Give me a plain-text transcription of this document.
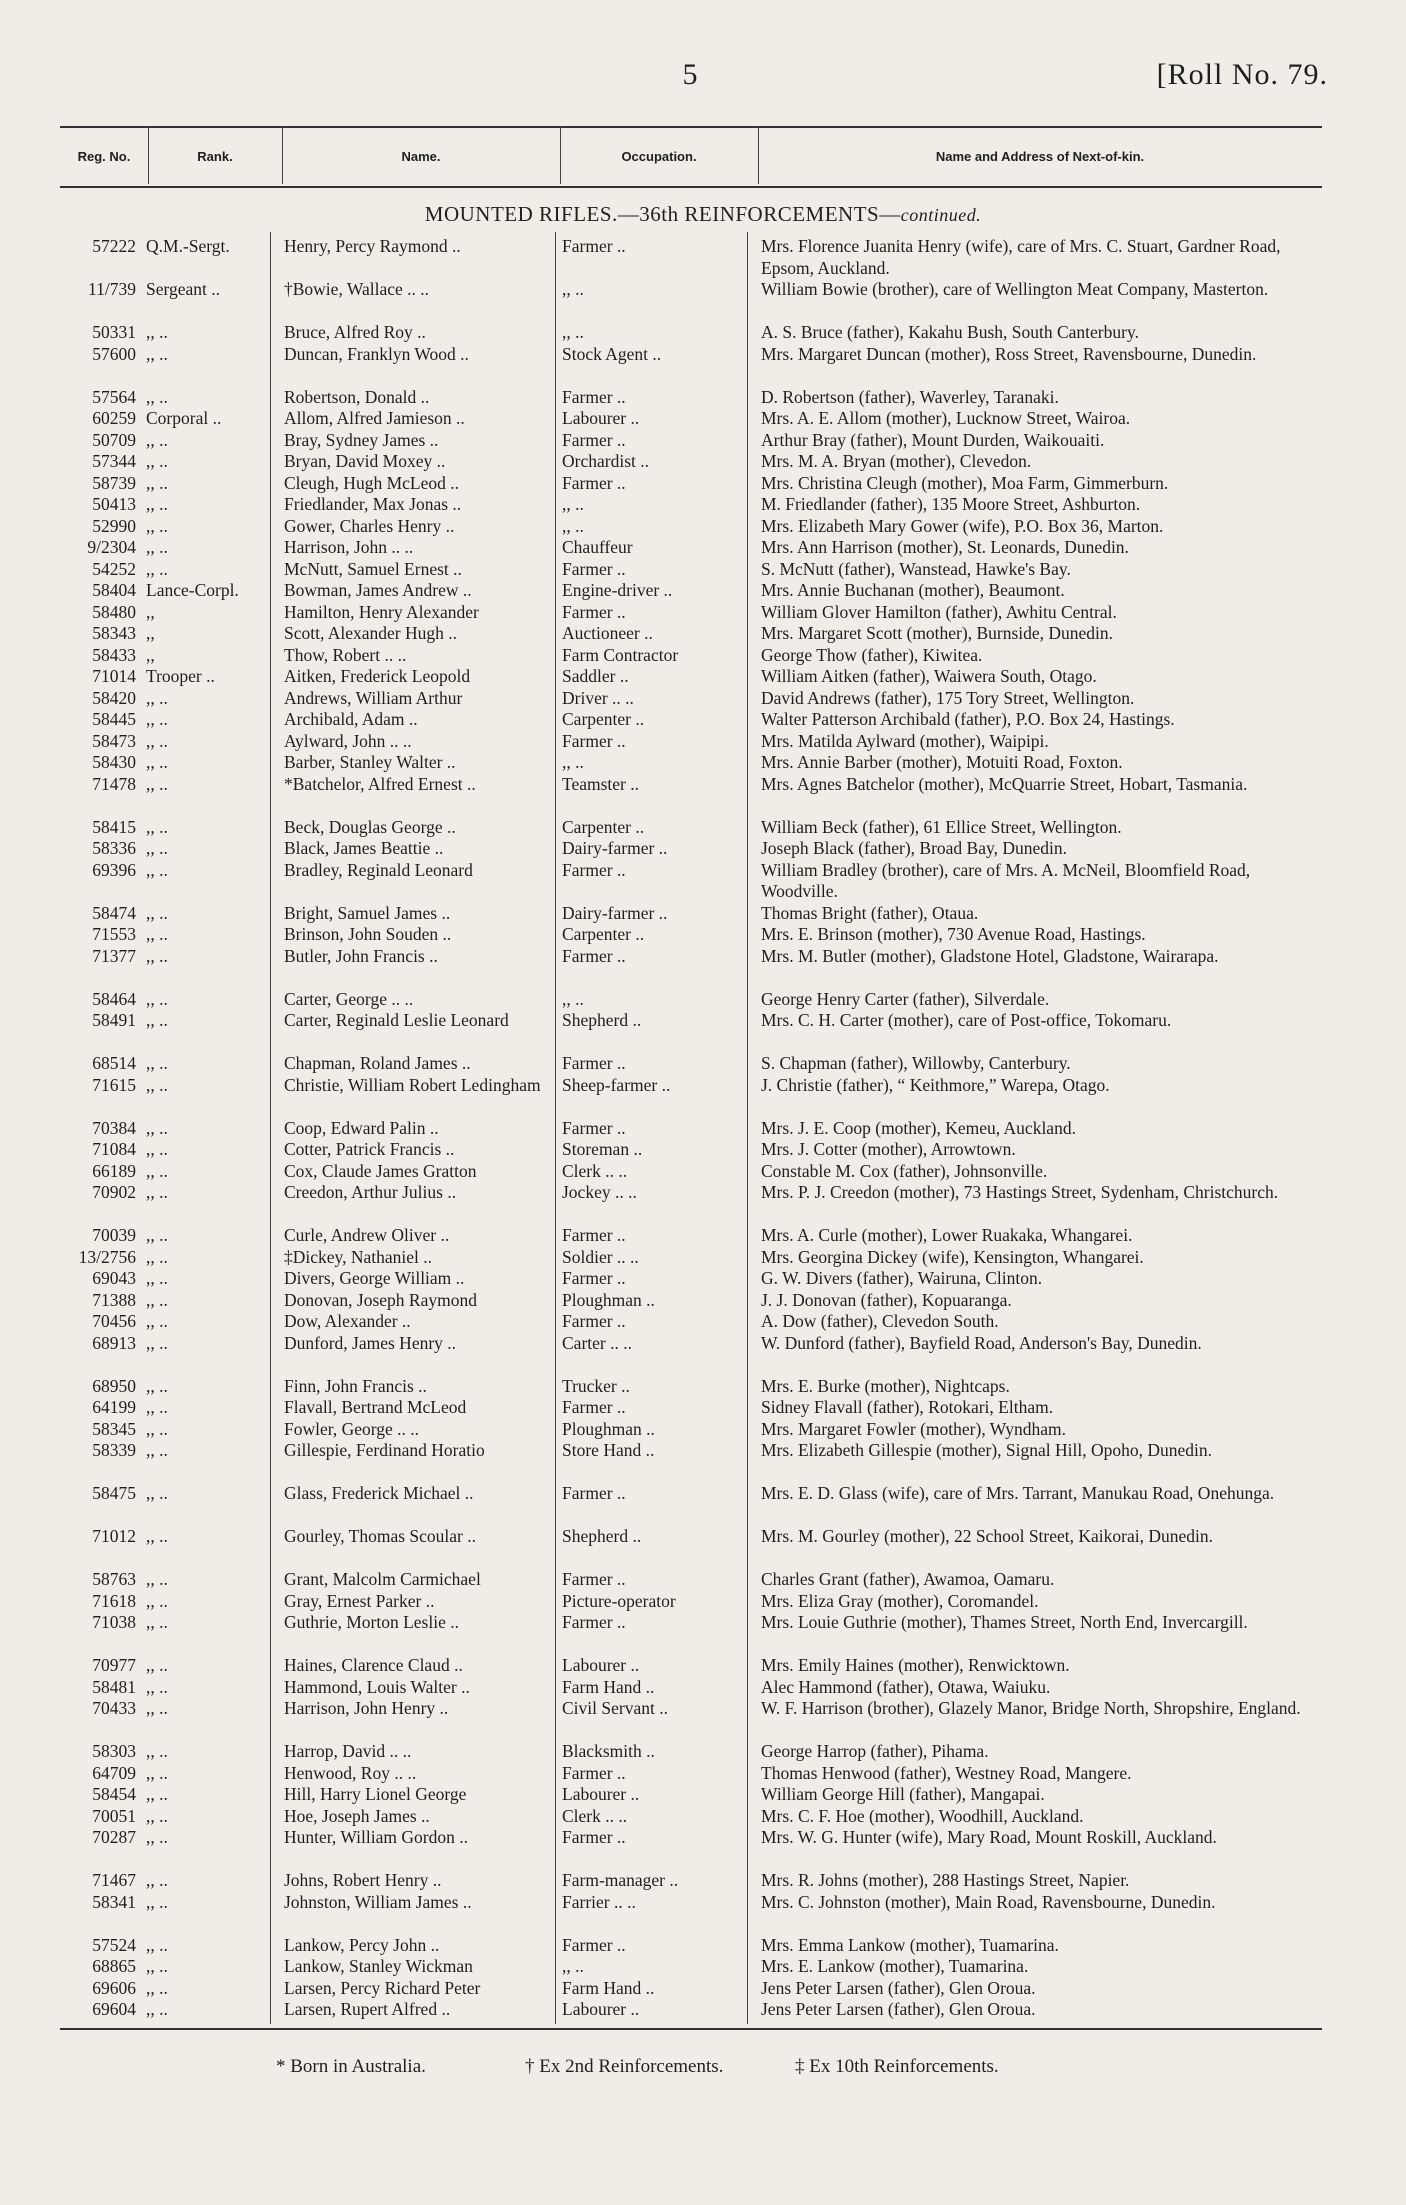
5	[Roll No. 79.
Reg. No.	Rank.	Name.	Occupation.	Name and Address of Next-of-kin.
MOUNTED RIFLES.—36th REINFORCEMENTS—continued.
57222 Q.M.-Sergt.	Henry, Percy Raymond ..	Farmer ..	Mrs. Florence Juanita Henry (wife), care of Mrs. C. Stuart, Gardner Road, Epsom, Auckland.
11/739 Sergeant ..	†Bowie, Wallace .. ..	,, ..	William Bowie (brother), care of Wellington Meat Company, Masterton.
50331 ,, ..	Bruce, Alfred Roy ..	,, ..	A. S. Bruce (father), Kakahu Bush, South Canterbury.
57600 ,, ..	Duncan, Franklyn Wood ..	Stock Agent ..	Mrs. Margaret Duncan (mother), Ross Street, Ravensbourne, Dunedin.
57564 ,, ..	Robertson, Donald ..	Farmer ..	D. Robertson (father), Waverley, Taranaki.
60259 Corporal ..	Allom, Alfred Jamieson ..	Labourer ..	Mrs. A. E. Allom (mother), Lucknow Street, Wairoa.
50709 ,, ..	Bray, Sydney James ..	Farmer ..	Arthur Bray (father), Mount Durden, Waikouaiti.
57344 ,, ..	Bryan, David Moxey ..	Orchardist ..	Mrs. M. A. Bryan (mother), Clevedon.
58739 ,, ..	Cleugh, Hugh McLeod ..	Farmer ..	Mrs. Christina Cleugh (mother), Moa Farm, Gimmerburn.
50413 ,, ..	Friedlander, Max Jonas ..	,, ..	M. Friedlander (father), 135 Moore Street, Ashburton.
52990 ,, ..	Gower, Charles Henry ..	,, ..	Mrs. Elizabeth Mary Gower (wife), P.O. Box 36, Marton.
9/2304 ,, ..	Harrison, John .. ..	Chauffeur	Mrs. Ann Harrison (mother), St. Leonards, Dunedin.
54252 ,, ..	McNutt, Samuel Ernest ..	Farmer ..	S. McNutt (father), Wanstead, Hawke's Bay.
58404 Lance-Corpl.	Bowman, James Andrew ..	Engine-driver ..	Mrs. Annie Buchanan (mother), Beaumont.
58480 ,,	Hamilton, Henry Alexander	Farmer ..	William Glover Hamilton (father), Awhitu Central.
58343 ,,	Scott, Alexander Hugh ..	Auctioneer ..	Mrs. Margaret Scott (mother), Burnside, Dunedin.
58433 ,,	Thow, Robert .. ..	Farm Contractor	George Thow (father), Kiwitea.
71014 Trooper ..	Aitken, Frederick Leopold	Saddler ..	William Aitken (father), Waiwera South, Otago.
58420 ,, ..	Andrews, William Arthur	Driver .. ..	David Andrews (father), 175 Tory Street, Wellington.
58445 ,, ..	Archibald, Adam ..	Carpenter ..	Walter Patterson Archibald (father), P.O. Box 24, Hastings.
58473 ,, ..	Aylward, John .. ..	Farmer ..	Mrs. Matilda Aylward (mother), Waipipi.
58430 ,, ..	Barber, Stanley Walter ..	,, ..	Mrs. Annie Barber (mother), Motuiti Road, Foxton.
71478 ,, ..	*Batchelor, Alfred Ernest ..	Teamster ..	Mrs. Agnes Batchelor (mother), McQuarrie Street, Hobart, Tasmania.
58415 ,, ..	Beck, Douglas George ..	Carpenter ..	William Beck (father), 61 Ellice Street, Wellington.
58336 ,, ..	Black, James Beattie ..	Dairy-farmer ..	Joseph Black (father), Broad Bay, Dunedin.
69396 ,, ..	Bradley, Reginald Leonard	Farmer ..	William Bradley (brother), care of Mrs. A. McNeil, Bloomfield Road, Woodville.
58474 ,, ..	Bright, Samuel James ..	Dairy-farmer ..	Thomas Bright (father), Otaua.
71553 ,, ..	Brinson, John Souden ..	Carpenter ..	Mrs. E. Brinson (mother), 730 Avenue Road, Hastings.
71377 ,, ..	Butler, John Francis ..	Farmer ..	Mrs. M. Butler (mother), Gladstone Hotel, Gladstone, Wairarapa.
58464 ,, ..	Carter, George .. ..	,, ..	George Henry Carter (father), Silverdale.
58491 ,, ..	Carter, Reginald Leslie Leonard	Shepherd ..	Mrs. C. H. Carter (mother), care of Post-office, Tokomaru.
68514 ,, ..	Chapman, Roland James ..	Farmer ..	S. Chapman (father), Willowby, Canterbury.
71615 ,, ..	Christie, William Robert Ledingham	Sheep-farmer ..	J. Christie (father), “ Keithmore,” Warepa, Otago.
70384 ,, ..	Coop, Edward Palin ..	Farmer ..	Mrs. J. E. Coop (mother), Kemeu, Auckland.
71084 ,, ..	Cotter, Patrick Francis ..	Storeman ..	Mrs. J. Cotter (mother), Arrowtown.
66189 ,, ..	Cox, Claude James Gratton	Clerk .. ..	Constable M. Cox (father), Johnsonville.
70902 ,, ..	Creedon, Arthur Julius ..	Jockey .. ..	Mrs. P. J. Creedon (mother), 73 Hastings Street, Sydenham, Christchurch.
70039 ,, ..	Curle, Andrew Oliver ..	Farmer ..	Mrs. A. Curle (mother), Lower Ruakaka, Whangarei.
13/2756 ,, ..	‡Dickey, Nathaniel ..	Soldier .. ..	Mrs. Georgina Dickey (wife), Kensington, Whangarei.
69043 ,, ..	Divers, George William ..	Farmer ..	G. W. Divers (father), Wairuna, Clinton.
71388 ,, ..	Donovan, Joseph Raymond	Ploughman ..	J. J. Donovan (father), Kopuaranga.
70456 ,, ..	Dow, Alexander ..	Farmer ..	A. Dow (father), Clevedon South.
68913 ,, ..	Dunford, James Henry ..	Carter .. ..	W. Dunford (father), Bayfield Road, Anderson's Bay, Dunedin.
68950 ,, ..	Finn, John Francis ..	Trucker ..	Mrs. E. Burke (mother), Nightcaps.
64199 ,, ..	Flavall, Bertrand McLeod	Farmer ..	Sidney Flavall (father), Rotokari, Eltham.
58345 ,, ..	Fowler, George .. ..	Ploughman ..	Mrs. Margaret Fowler (mother), Wyndham.
58339 ,, ..	Gillespie, Ferdinand Horatio	Store Hand ..	Mrs. Elizabeth Gillespie (mother), Signal Hill, Opoho, Dunedin.
58475 ,, ..	Glass, Frederick Michael ..	Farmer ..	Mrs. E. D. Glass (wife), care of Mrs. Tarrant, Manukau Road, Onehunga.
71012 ,, ..	Gourley, Thomas Scoular ..	Shepherd ..	Mrs. M. Gourley (mother), 22 School Street, Kaikorai, Dunedin.
58763 ,, ..	Grant, Malcolm Carmichael	Farmer ..	Charles Grant (father), Awamoa, Oamaru.
71618 ,, ..	Gray, Ernest Parker ..	Picture-operator	Mrs. Eliza Gray (mother), Coromandel.
71038 ,, ..	Guthrie, Morton Leslie ..	Farmer ..	Mrs. Louie Guthrie (mother), Thames Street, North End, Invercargill.
70977 ,, ..	Haines, Clarence Claud ..	Labourer ..	Mrs. Emily Haines (mother), Renwicktown.
58481 ,, ..	Hammond, Louis Walter ..	Farm Hand ..	Alec Hammond (father), Otawa, Waiuku.
70433 ,, ..	Harrison, John Henry ..	Civil Servant ..	W. F. Harrison (brother), Glazely Manor, Bridge North, Shropshire, England.
58303 ,, ..	Harrop, David .. ..	Blacksmith ..	George Harrop (father), Pihama.
64709 ,, ..	Henwood, Roy .. ..	Farmer ..	Thomas Henwood (father), Westney Road, Mangere.
58454 ,, ..	Hill, Harry Lionel George	Labourer ..	William George Hill (father), Mangapai.
70051 ,, ..	Hoe, Joseph James ..	Clerk .. ..	Mrs. C. F. Hoe (mother), Woodhill, Auckland.
70287 ,, ..	Hunter, William Gordon ..	Farmer ..	Mrs. W. G. Hunter (wife), Mary Road, Mount Roskill, Auckland.
71467 ,, ..	Johns, Robert Henry ..	Farm-manager ..	Mrs. R. Johns (mother), 288 Hastings Street, Napier.
58341 ,, ..	Johnston, William James ..	Farrier .. ..	Mrs. C. Johnston (mother), Main Road, Ravensbourne, Dunedin.
57524 ,, ..	Lankow, Percy John ..	Farmer ..	Mrs. Emma Lankow (mother), Tuamarina.
68865 ,, ..	Lankow, Stanley Wickman	,, ..	Mrs. E. Lankow (mother), Tuamarina.
69606 ,, ..	Larsen, Percy Richard Peter	Farm Hand ..	Jens Peter Larsen (father), Glen Oroua.
69604 ,, ..	Larsen, Rupert Alfred ..	Labourer ..	Jens Peter Larsen (father), Glen Oroua.
* Born in Australia.	† Ex 2nd Reinforcements.	‡ Ex 10th Reinforcements.
